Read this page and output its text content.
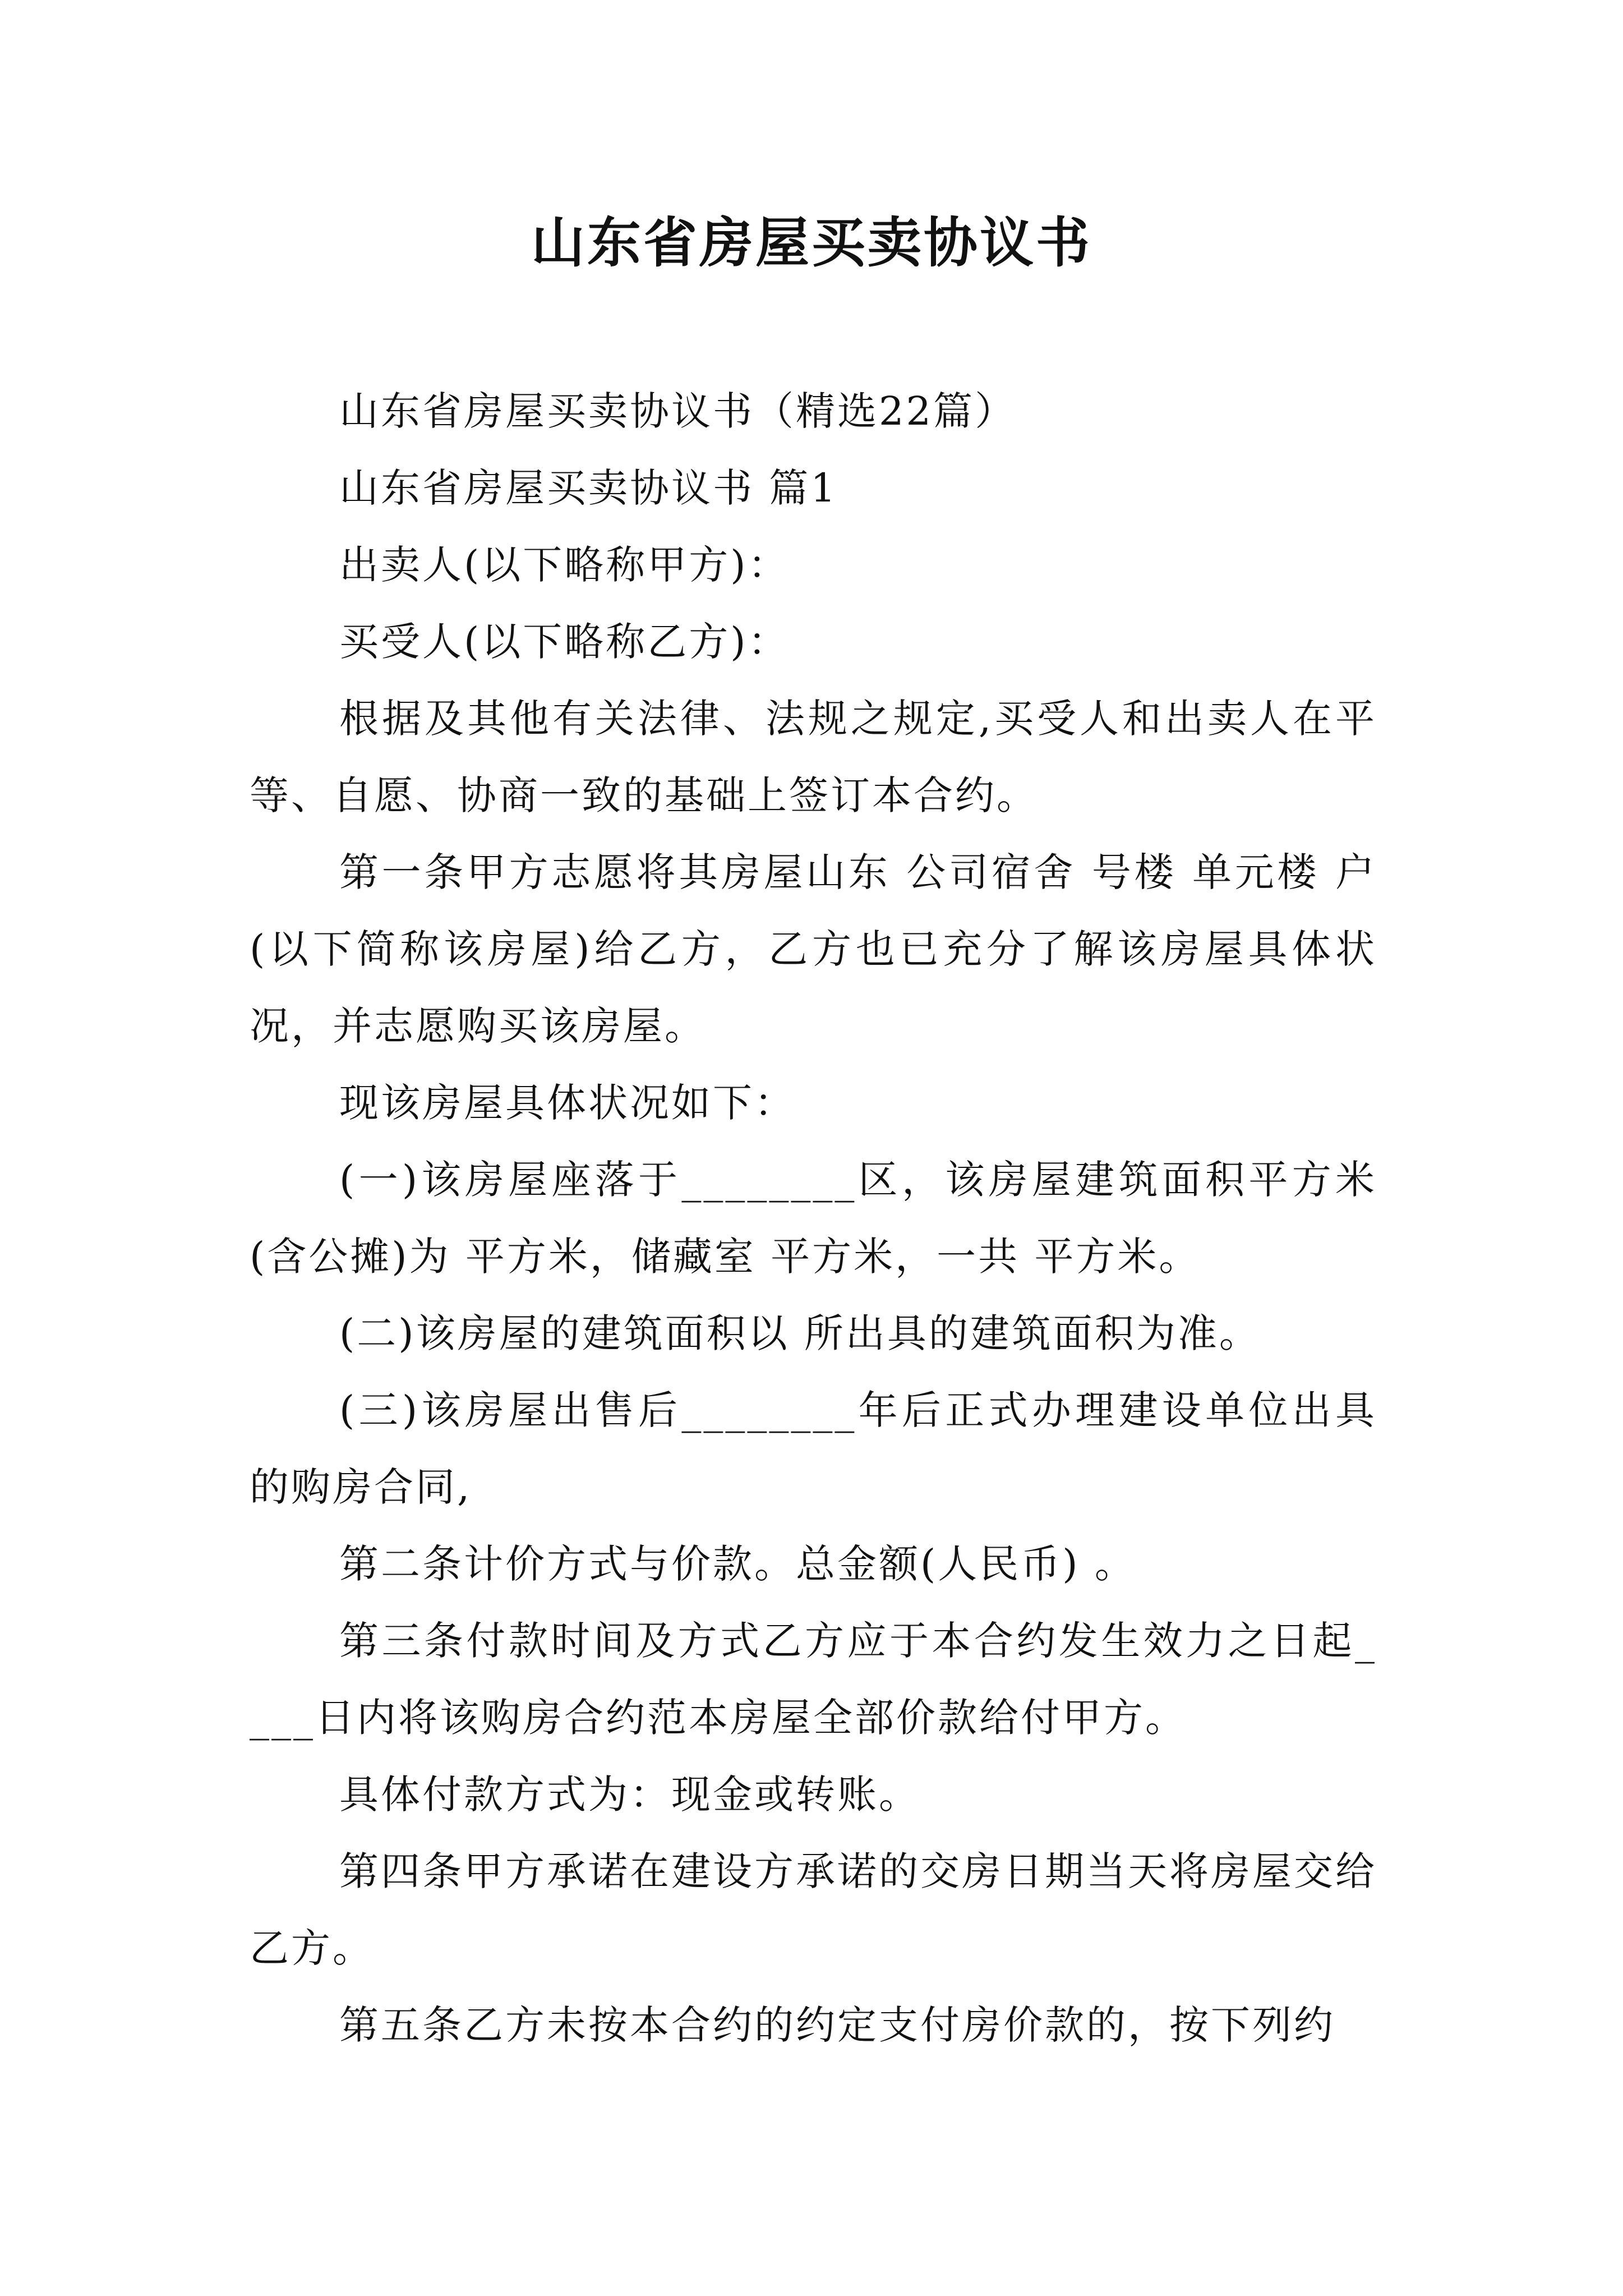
山东省房屋买卖协议书

山东省房屋买卖协议书（精选22篇）

山东省房屋买卖协议书 篇1

出卖人(以下略称甲方)：

买受人(以下略称乙方)：

根据及其他有关法律、法规之规定,买受人和出卖人在平等、自愿、协商一致的基础上签订本合约。

第一条甲方志愿将其房屋山东 公司宿舍 号楼 单元楼 户(以下简称该房屋)给乙方，乙方也已充分了解该房屋具体状况，并志愿购买该房屋。

现该房屋具体状况如下：

(一)该房屋座落于________区，该房屋建筑面积平方米(含公摊)为 平方米，储藏室 平方米，一共 平方米。

(二)该房屋的建筑面积以 所出具的建筑面积为准。

(三)该房屋出售后________年后正式办理建设单位出具的购房合同,

第二条计价方式与价款。总金额(人民币) 。

第三条付款时间及方式乙方应于本合约发生效力之日起____日内将该购房合约范本房屋全部价款给付甲方。

具体付款方式为：现金或转账。

第四条甲方承诺在建设方承诺的交房日期当天将房屋交给乙方。

第五条乙方未按本合约的约定支付房价款的，按下列约
